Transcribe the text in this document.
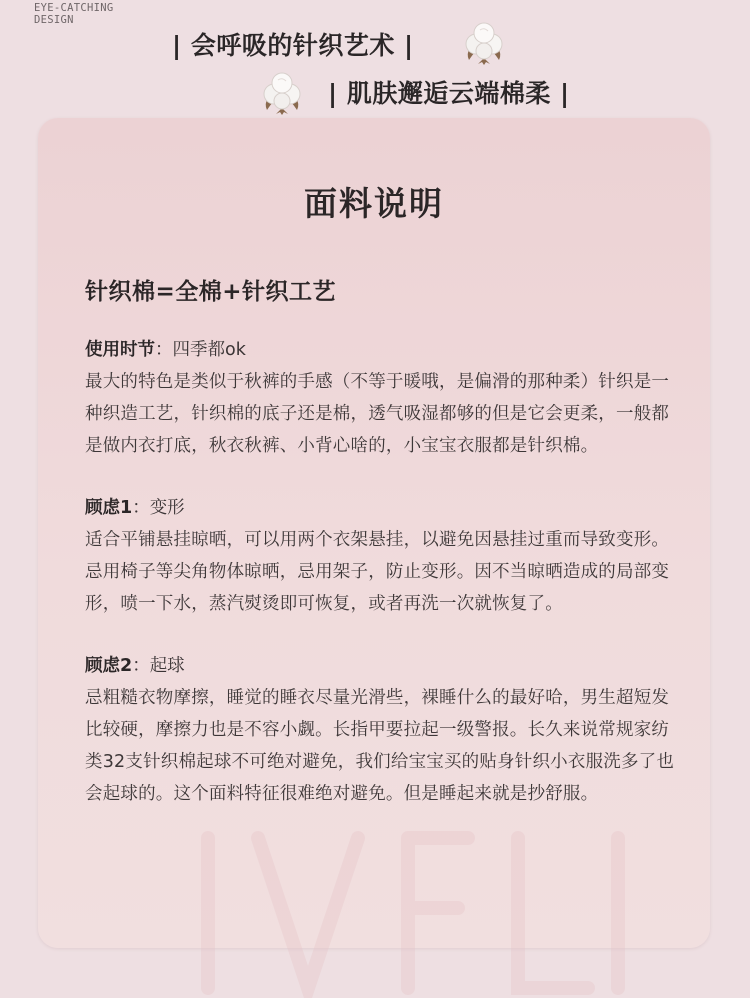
EYE-CATCHING
DESIGN
| 会呼吸的针织艺术 |
| 肌肤邂逅云端棉柔 |
面料说明
针织棉=全棉+针织工艺
使用时节：四季都ok
最大的特色是类似于秋裤的手感（不等于暖哦，是偏滑的那种柔）针织是一种织造工艺，针织棉的底子还是棉，透气吸湿都够的但是它会更柔，一般都是做内衣打底，秋衣秋裤、小背心啥的，小宝宝衣服都是针织棉。
顾虑1：变形
适合平铺悬挂晾晒，可以用两个衣架悬挂，以避免因悬挂过重而导致变形。忌用椅子等尖角物体晾晒，忌用架子，防止变形。因不当晾晒造成的局部变形，喷一下水，蒸汽熨烫即可恢复，或者再洗一次就恢复了。
顾虑2：起球
忌粗糙衣物摩擦，睡觉的睡衣尽量光滑些，裸睡什么的最好哈，男生超短发比较硬，摩擦力也是不容小觑。长指甲要拉起一级警报。长久来说常规家纺类32支针织棉起球不可绝对避免，我们给宝宝买的贴身针织小衣服洗多了也会起球的。这个面料特征很难绝对避免。但是睡起来就是抄舒服。
